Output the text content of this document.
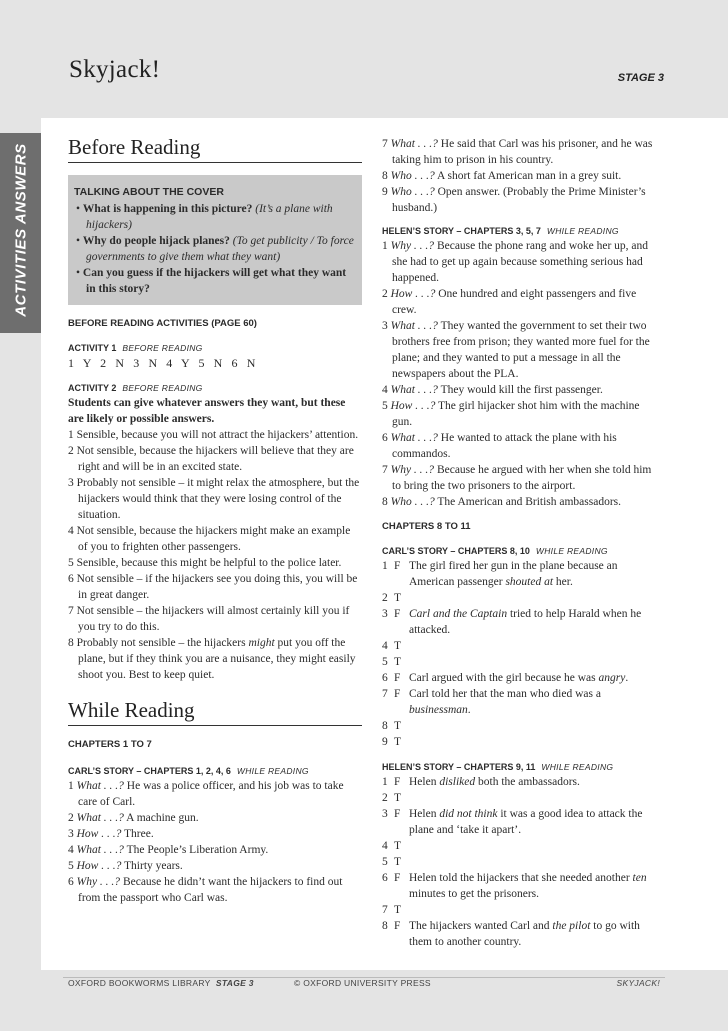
Skyjack!	STAGE 3
ACTIVITIES ANSWERS Before Reading
TALKING ABOUT THE COVER
• What is happening in this picture? (It’s a plane with hijackers)
• Why do people hijack planes? (To get publicity / To force governments to give them what they want)
• Can you guess if the hijackers will get what they want in this story?
BEFORE READING ACTIVITIES (PAGE 60)
ACTIVITY 1 BEFORE READING
1 Y 2 N 3 N 4 Y 5 N 6 N
ACTIVITY 2 BEFORE READING
Students can give whatever answers they want, but these are likely or possible answers.
1 Sensible, because you will not attract the hijackers’ attention.
2 Not sensible, because the hijackers will believe that they are right and will be in an excited state.
3 Probably not sensible – it might relax the atmosphere, but the hijackers would think that they were losing control of the situation.
4 Not sensible, because the hijackers might make an example of you to frighten other passengers.
5 Sensible, because this might be helpful to the police later.
6 Not sensible – if the hijackers see you doing this, you will be in great danger.
7 Not sensible – the hijackers will almost certainly kill you if you try to do this.
8 Probably not sensible – the hijackers might put you off the plane, but if they think you are a nuisance, they might easily shoot you. Best to keep quiet.
While Reading
CHAPTERS 1 TO 7
CARL’S STORY – CHAPTERS 1, 2, 4, 6 WHILE READING
1 What . . .? He was a police officer, and his job was to take care of Carl.
2 What . . .? A machine gun.
3 How . . .? Three.
4 What . . .? The People’s Liberation Army.
5 How . . .? Thirty years.
6 Why . . .? Because he didn’t want the hijackers to find out from the passport who Carl was.
7 What . . .? He said that Carl was his prisoner, and he was taking him to prison in his country.
8 Who . . .? A short fat American man in a grey suit.
9 Who . . .? Open answer. (Probably the Prime Minister’s husband.)
HELEN’S STORY – CHAPTERS 3, 5, 7 WHILE READING
1 Why . . .? Because the phone rang and woke her up, and she had to get up again because something serious had happened.
2 How . . .? One hundred and eight passengers and five crew.
3 What . . .? They wanted the government to set their two brothers free from prison; they wanted more fuel for the plane; and they wanted to put a message in all the newspapers about the PLA.
4 What . . .? They would kill the first passenger.
5 How . . .? The girl hijacker shot him with the machine gun.
6 What . . .? He wanted to attack the plane with his commandos.
7 Why . . .? Because he argued with her when she told him to bring the two prisoners to the airport.
8 Who . . .? The American and British ambassadors.
CHAPTERS 8 TO 11
CARL’S STORY – CHAPTERS 8, 10 WHILE READING
1 F The girl fired her gun in the plane because an American passenger shouted at her.
2 T
3 F Carl and the Captain tried to help Harald when he attacked.
4 T
5 T
6 F Carl argued with the girl because he was angry.
7 F Carl told her that the man who died was a businessman.
8 T
9 T
HELEN’S STORY – CHAPTERS 9, 11 WHILE READING
1 F Helen disliked both the ambassadors.
2 T
3 F Helen did not think it was a good idea to attack the plane and ‘take it apart’.
4 T
5 T
6 F Helen told the hijackers that she needed another ten minutes to get the prisoners.
7 T
8 F The hijackers wanted Carl and the pilot to go with them to another country.
OXFORD BOOKWORMS LIBRARY STAGE 3	© OXFORD UNIVERSITY PRESS	SKYJACK!
